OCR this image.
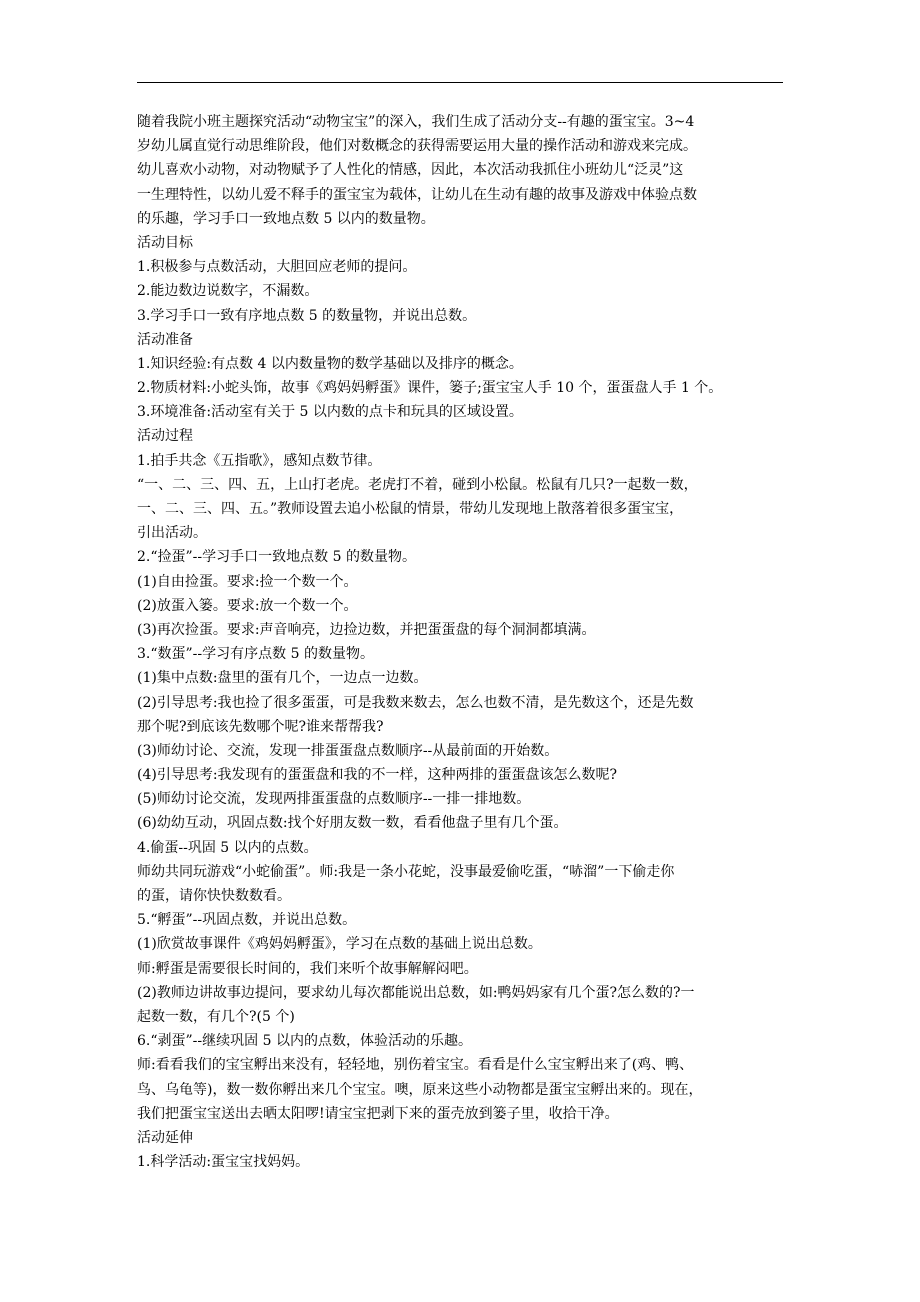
随着我院小班主题探究活动“动物宝宝”的深入，我们生成了活动分支--有趣的蛋宝宝。3~4
岁幼儿属直觉行动思维阶段，他们对数概念的获得需要运用大量的操作活动和游戏来完成。
幼儿喜欢小动物，对动物赋予了人性化的情感，因此，本次活动我抓住小班幼儿“泛灵”这
一生理特性，以幼儿爱不释手的蛋宝宝为载体，让幼儿在生动有趣的故事及游戏中体验点数
的乐趣，学习手口一致地点数 5 以内的数量物。
活动目标
1.积极参与点数活动，大胆回应老师的提问。
2.能边数边说数字，不漏数。
3.学习手口一致有序地点数 5 的数量物，并说出总数。
活动准备
1.知识经验:有点数 4 以内数量物的数学基础以及排序的概念。
2.物质材料:小蛇头饰，故事《鸡妈妈孵蛋》课件，篓子;蛋宝宝人手 10 个，蛋蛋盘人手 1 个。
3.环境准备:活动室有关于 5 以内数的点卡和玩具的区域设置。
活动过程
1.拍手共念《五指歌》，感知点数节律。
“一、二、三、四、五，上山打老虎。老虎打不着，碰到小松鼠。松鼠有几只?一起数一数，
一、二、三、四、五。”教师设置去追小松鼠的情景，带幼儿发现地上散落着很多蛋宝宝，
引出活动。
2.“捡蛋”--学习手口一致地点数 5 的数量物。
(1)自由捡蛋。要求:捡一个数一个。
(2)放蛋入篓。要求:放一个数一个。
(3)再次捡蛋。要求:声音响亮，边捡边数，并把蛋蛋盘的每个洞洞都填满。
3.“数蛋”--学习有序点数 5 的数量物。
(1)集中点数:盘里的蛋有几个，一边点一边数。
(2)引导思考:我也捡了很多蛋蛋，可是我数来数去，怎么也数不清，是先数这个，还是先数
那个呢?到底该先数哪个呢?谁来帮帮我?
(3)师幼讨论、交流，发现一排蛋蛋盘点数顺序--从最前面的开始数。
(4)引导思考:我发现有的蛋蛋盘和我的不一样，这种两排的蛋蛋盘该怎么数呢?
(5)师幼讨论交流，发现两排蛋蛋盘的点数顺序--一排一排地数。
(6)幼幼互动，巩固点数:找个好朋友数一数，看看他盘子里有几个蛋。
4.偷蛋--巩固 5 以内的点数。
师幼共同玩游戏“小蛇偷蛋”。师:我是一条小花蛇，没事最爱偷吃蛋，“哧溜”一下偷走你
的蛋，请你快快数数看。
5.“孵蛋”--巩固点数，并说出总数。
(1)欣赏故事课件《鸡妈妈孵蛋》，学习在点数的基础上说出总数。
师:孵蛋是需要很长时间的，我们来听个故事解解闷吧。
(2)教师边讲故事边提问，要求幼儿每次都能说出总数，如:鸭妈妈家有几个蛋?怎么数的?一
起数一数，有几个?(5 个)
6.“剥蛋”--继续巩固 5 以内的点数，体验活动的乐趣。
师:看看我们的宝宝孵出来没有，轻轻地，别伤着宝宝。看看是什么宝宝孵出来了(鸡、鸭、
鸟、乌龟等)，数一数你孵出来几个宝宝。噢，原来这些小动物都是蛋宝宝孵出来的。现在，
我们把蛋宝宝送出去晒太阳啰!请宝宝把剥下来的蛋壳放到篓子里，收拾干净。
活动延伸
1.科学活动:蛋宝宝找妈妈。
